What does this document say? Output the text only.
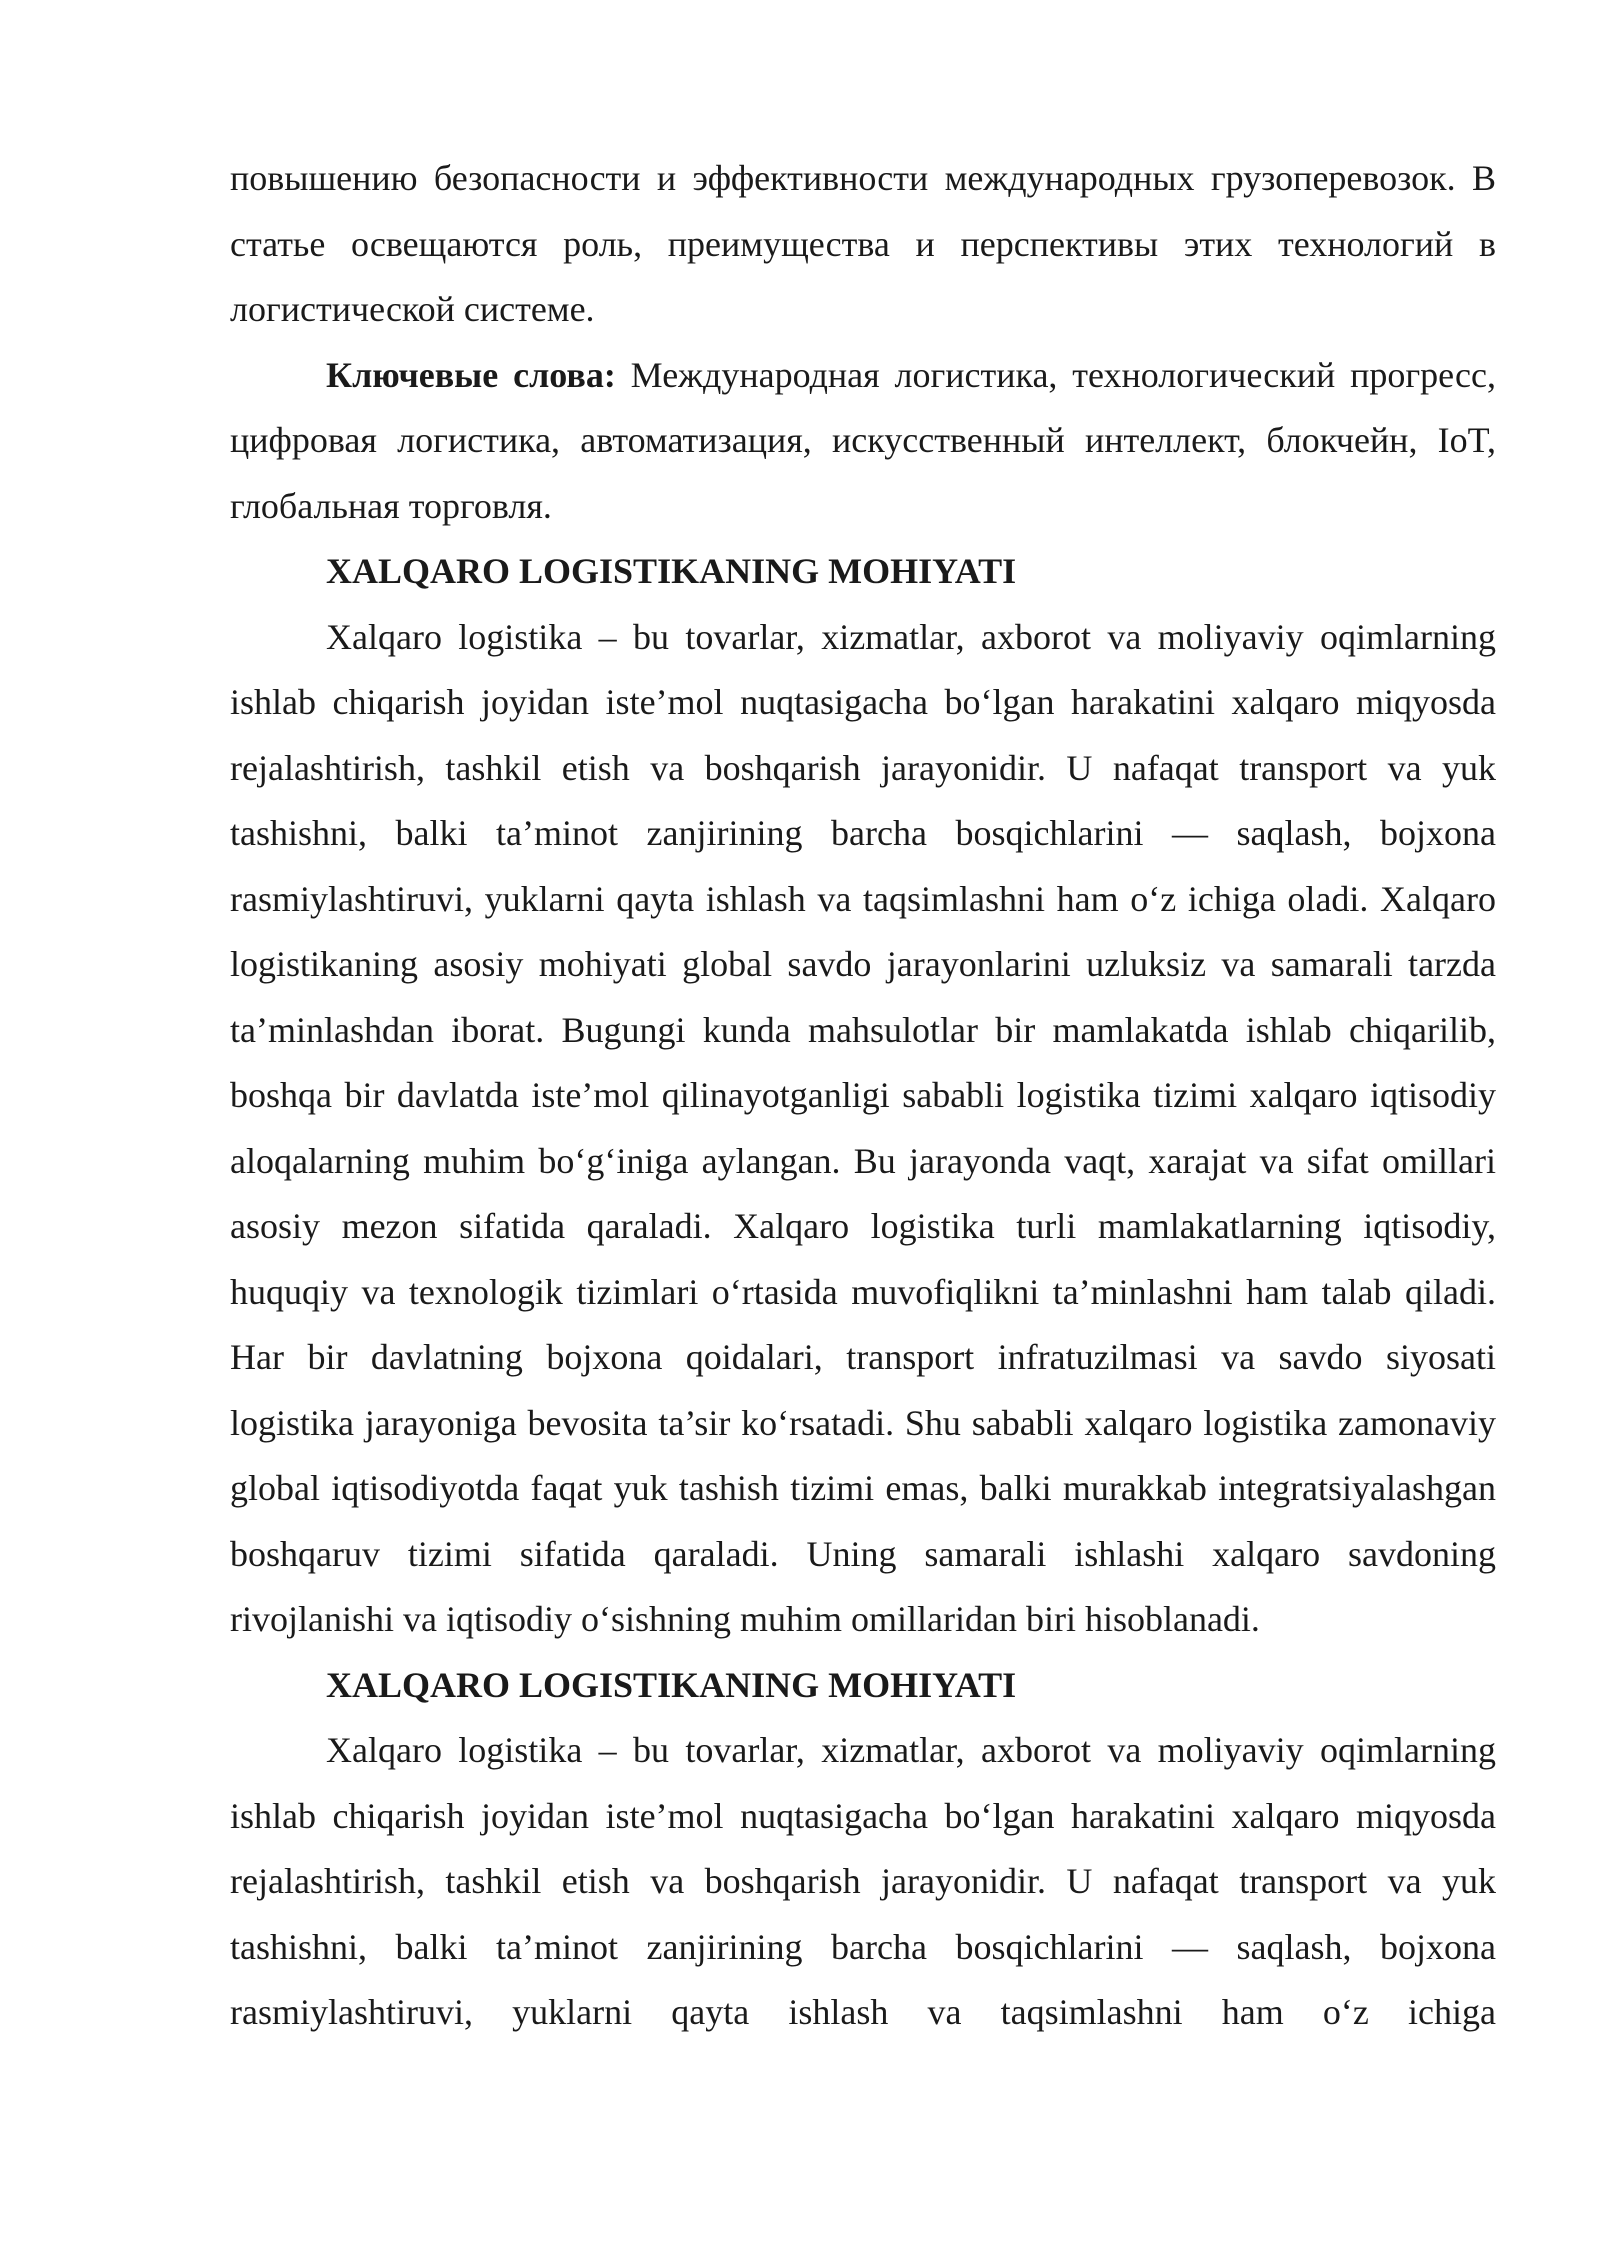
повышению безопасности и эффективности международных грузоперевозок. В статье освещаются роль, преимущества и перспективы этих технологий в логистической системе.

Ключевые слова: Международная логистика, технологический прогресс, цифровая логистика, автоматизация, искусственный интеллект, блокчейн, IoT, глобальная торговля.

XALQARO LOGISTIKANING MOHIYATI

Xalqaro logistika – bu tovarlar, xizmatlar, axborot va moliyaviy oqimlarning ishlab chiqarish joyidan iste’mol nuqtasigacha bo‘lgan harakatini xalqaro miqyosda rejalashtirish, tashkil etish va boshqarish jarayonidir. U nafaqat transport va yuk tashishni, balki ta’minot zanjirining barcha bosqichlarini — saqlash, bojxona rasmiylashtiruvi, yuklarni qayta ishlash va taqsimlashni ham o‘z ichiga oladi. Xalqaro logistikaning asosiy mohiyati global savdo jarayonlarini uzluksiz va samarali tarzda ta’minlashdan iborat. Bugungi kunda mahsulotlar bir mamlakatda ishlab chiqarilib, boshqa bir davlatda iste’mol qilinayotganligi sababli logistika tizimi xalqaro iqtisodiy aloqalarning muhim bo‘g‘iniga aylangan. Bu jarayonda vaqt, xarajat va sifat omillari asosiy mezon sifatida qaraladi. Xalqaro logistika turli mamlakatlarning iqtisodiy, huquqiy va texnologik tizimlari o‘rtasida muvofiqlikni ta’minlashni ham talab qiladi. Har bir davlatning bojxona qoidalari, transport infratuzilmasi va savdo siyosati logistika jarayoniga bevosita ta’sir ko‘rsatadi. Shu sababli xalqaro logistika zamonaviy global iqtisodiyotda faqat yuk tashish tizimi emas, balki murakkab integratsiyalashgan boshqaruv tizimi sifatida qaraladi. Uning samarali ishlashi xalqaro savdoning rivojlanishi va iqtisodiy o‘sishning muhim omillaridan biri hisoblanadi.

XALQARO LOGISTIKANING MOHIYATI

Xalqaro logistika – bu tovarlar, xizmatlar, axborot va moliyaviy oqimlarning ishlab chiqarish joyidan iste’mol nuqtasigacha bo‘lgan harakatini xalqaro miqyosda rejalashtirish, tashkil etish va boshqarish jarayonidir. U nafaqat transport va yuk tashishni, balki ta’minot zanjirining barcha bosqichlarini — saqlash, bojxona rasmiylashtiruvi, yuklarni qayta ishlash va taqsimlashni ham o‘z ichiga
